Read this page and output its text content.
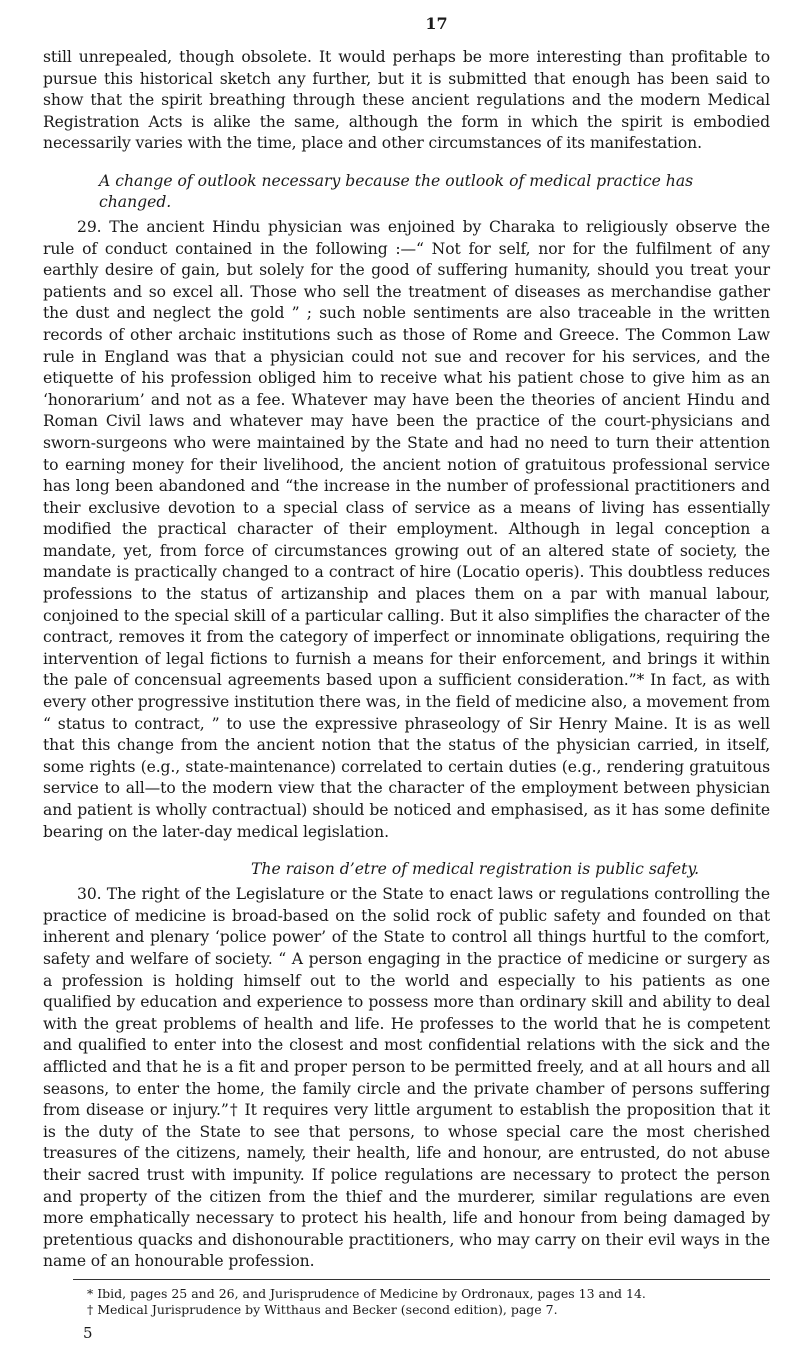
17

still unrepealed, though obsolete. It would perhaps be more interesting than profitable to pursue this historical sketch any further, but it is submitted that enough has been said to show that the spirit breathing through these ancient regulations and the modern Medical Registration Acts is alike the same, although the form in which the spirit is embodied necessarily varies with the time, place and other circumstances of its manifestation.

A change of outlook necessary because the outlook of medical practice has changed.

29. The ancient Hindu physician was enjoined by Charaka to religiously observe the rule of conduct contained in the following :—“ Not for self, nor for the fulfilment of any earthly desire of gain, but solely for the good of suffering humanity, should you treat your patients and so excel all. Those who sell the treatment of diseases as merchandise gather the dust and neglect the gold ” ; such noble sentiments are also traceable in the written records of other archaic institutions such as those of Rome and Greece. The Common Law rule in England was that a physician could not sue and recover for his services, and the etiquette of his profession obliged him to receive what his patient chose to give him as an ‘honorarium’ and not as a fee. Whatever may have been the theories of ancient Hindu and Roman Civil laws and whatever may have been the practice of the court-physicians and sworn-surgeons who were maintained by the State and had no need to turn their attention to earning money for their livelihood, the ancient notion of gratuitous professional service has long been abandoned and “the increase in the number of professional practitioners and their exclusive devotion to a special class of service as a means of living has essentially modified the practical character of their employment. Although in legal conception a mandate, yet, from force of circumstances growing out of an altered state of society, the mandate is practically changed to a contract of hire (Locatio operis). This doubtless reduces professions to the status of artizanship and places them on a par with manual labour, conjoined to the special skill of a particular calling. But it also simplifies the character of the contract, removes it from the category of imperfect or innominate obligations, requiring the intervention of legal fictions to furnish a means for their enforcement, and brings it within the pale of concensual agreements based upon a sufficient consideration.”* In fact, as with every other progressive institution there was, in the field of medicine also, a movement from “ status to contract, ” to use the expressive phraseology of Sir Henry Maine. It is as well that this change from the ancient notion that the status of the physician carried, in itself, some rights (e.g., state-maintenance) correlated to certain duties (e.g., rendering gratuitous service to all—to the modern view that the character of the employment between physician and patient is wholly contractual) should be noticed and emphasised, as it has some definite bearing on the later-day medical legislation.

The raison d’etre of medical registration is public safety.

30. The right of the Legislature or the State to enact laws or regulations controlling the practice of medicine is broad-based on the solid rock of public safety and founded on that inherent and plenary ‘police power’ of the State to control all things hurtful to the comfort, safety and welfare of society. “ A person engaging in the practice of medicine or surgery as a profession is holding himself out to the world and especially to his patients as one qualified by education and experience to possess more than ordinary skill and ability to deal with the great problems of health and life. He professes to the world that he is competent and qualified to enter into the closest and most confidential relations with the sick and the afflicted and that he is a fit and proper person to be permitted freely, and at all hours and all seasons, to enter the home, the family circle and the private chamber of persons suffering from disease or injury.”† It requires very little argument to establish the proposition that it is the duty of the State to see that persons, to whose special care the most cherished treasures of the citizens, namely, their health, life and honour, are entrusted, do not abuse their sacred trust with impunity. If police regulations are necessary to protect the person and property of the citizen from the thief and the murderer, similar regulations are even more emphatically necessary to protect his health, life and honour from being damaged by pretentious quacks and dishonourable practitioners, who may carry on their evil ways in the name of an honourable profession.

* Ibid, pages 25 and 26, and Jurisprudence of Medicine by Ordronaux, pages 13 and 14.
† Medical Jurisprudence by Witthaus and Becker (second edition), page 7.
5
